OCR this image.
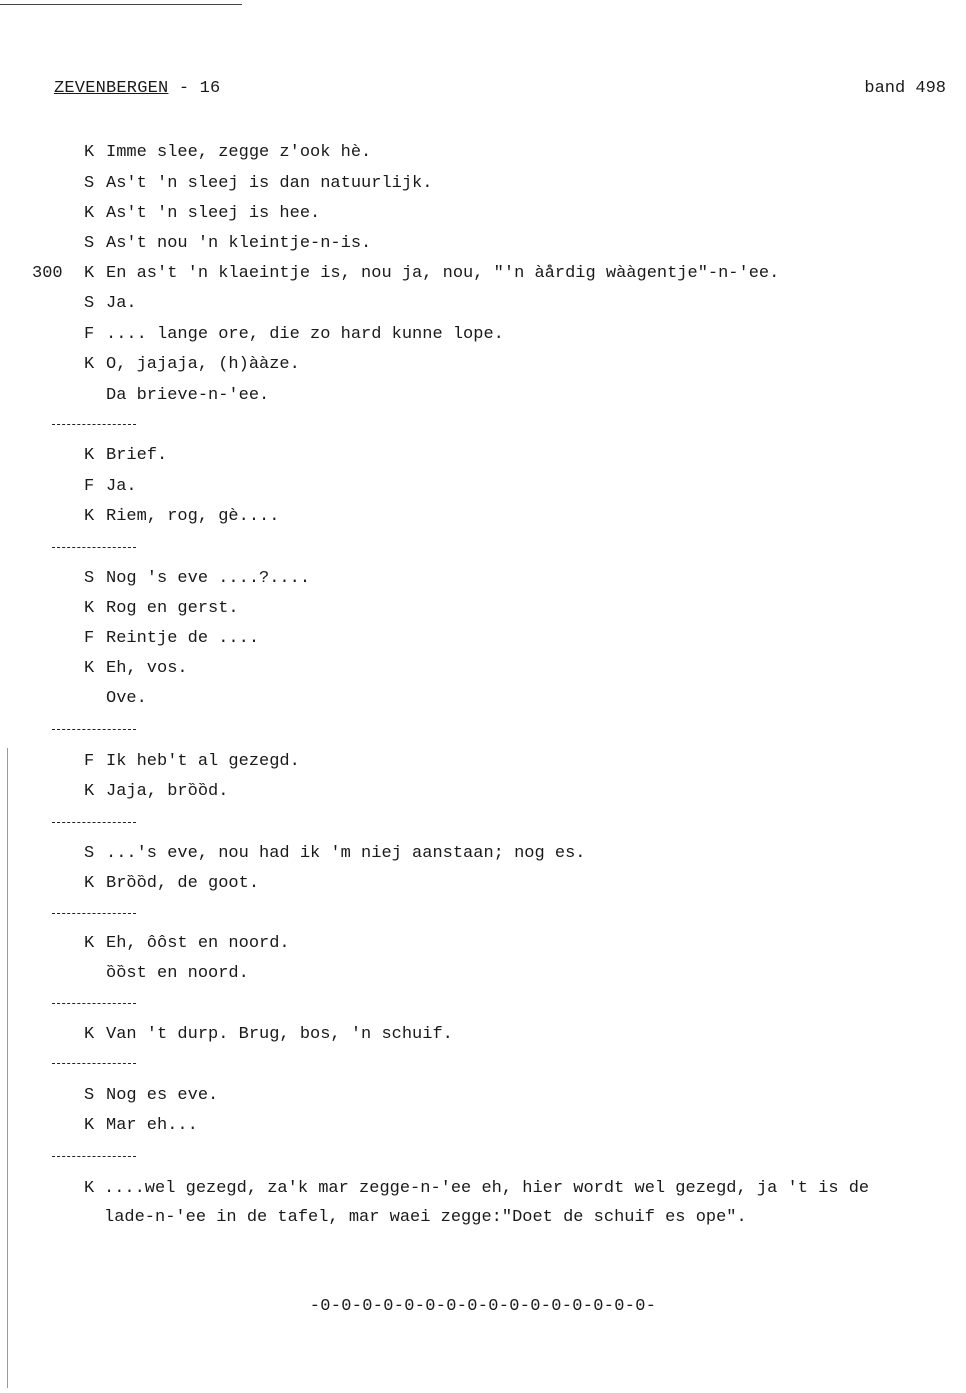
ZEVENBERGEN - 16	band 498
300
K Imme slee, zegge z'ook hè.
S As't 'n sleej is dan natuurlijk.
K As't 'n sleej is hee.
S As't nou 'n kleintje-n-is.
K En as't 'n klaeintje is, nou ja, nou, "'n àårdig wààgentje"-n-'ee.
S Ja.
F .... lange ore, die zo hard kunne lope.
K O, jajaja, (h)ààze.
Da brieve-n-'ee.
K Brief.
F Ja.
K Riem, rog, gè....
S Nog 's eve ....?....
K Rog en gerst.
F Reintje de ....
K Eh, vos.
Ove.
F Ik heb't al gezegd.
K Jaja, brȍȍd.
S ...'s eve, nou had ik 'm niej aanstaan; nog es.
K Brȍȍd, de goot.
K Eh, ôôst en noord.
ȍȍst en noord.
K Van 't durp. Brug, bos, 'n schuif.
S Nog es eve.
K Mar eh...
K ....wel gezegd, za'k mar zegge-n-'ee eh, hier wordt wel gezegd, ja 't is de
lade-n-'ee in de tafel, mar waei zegge:"Doet de schuif es ope".
-0-0-0-0-0-0-0-0-0-0-0-0-0-0-0-0-
